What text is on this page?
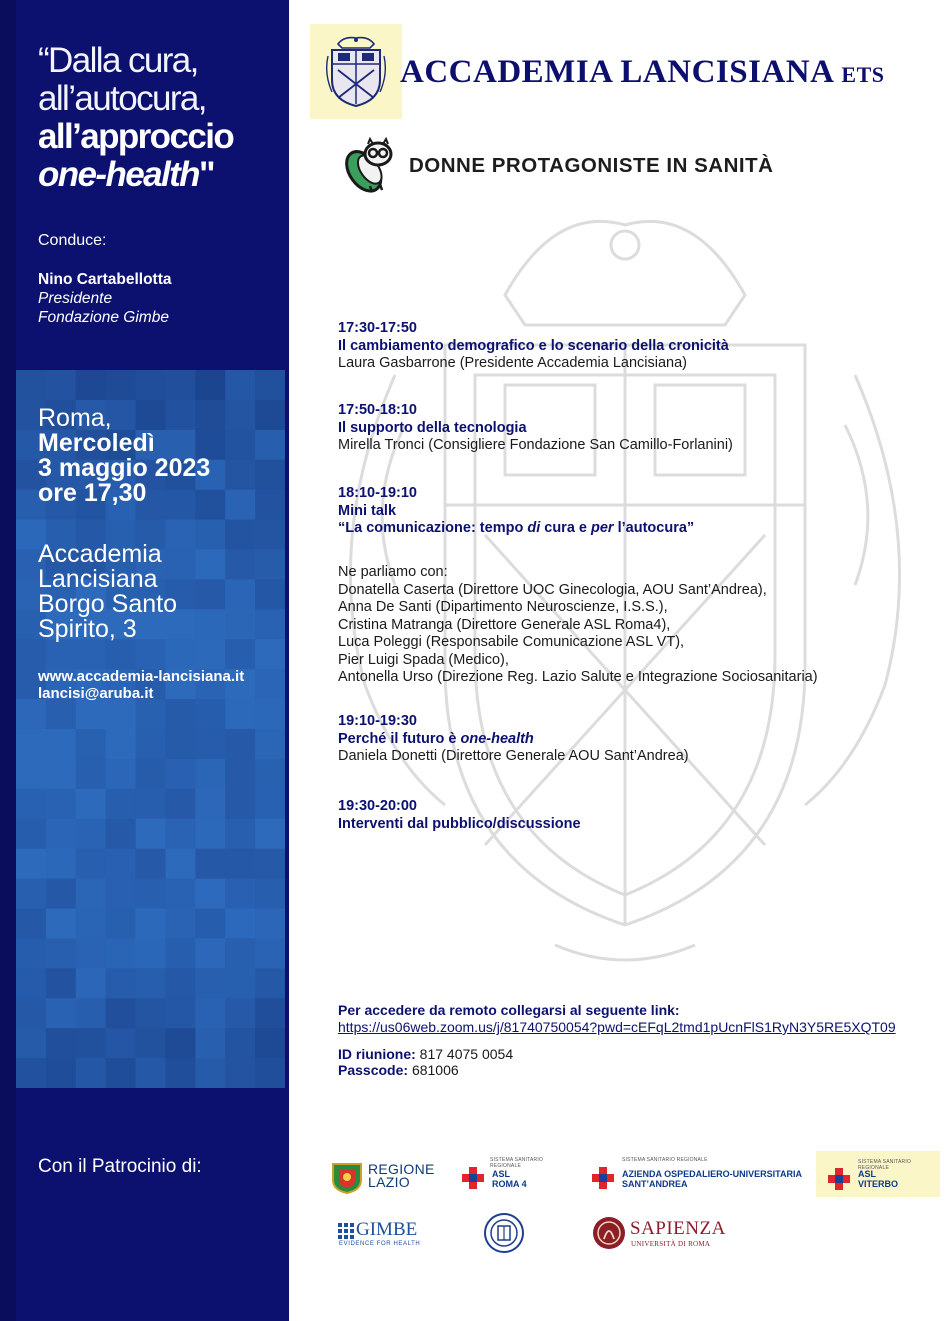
“Dalla cura,
all’autocura,
all’approccio
one-health"
Conduce:
Nino Cartabellotta
Presidente
Fondazione Gimbe
Roma,
Mercoledì
3 maggio 2023
ore 17,30
Accademia
Lancisiana
Borgo Santo
Spirito, 3
www.accademia-lancisiana.it
lancisi@aruba.it
Con il Patrocinio di:
ACCADEMIA LANCISIANA ETS
DONNE PROTAGONISTE IN SANITÀ
17:30-17:50
Il cambiamento demografico e lo scenario della cronicità
Laura Gasbarrone (Presidente Accademia Lancisiana)
17:50-18:10
Il supporto della tecnologia
Mirella Tronci (Consigliere Fondazione San Camillo-Forlanini)
18:10-19:10
Mini talk
“La comunicazione: tempo di cura e per l’autocura”
Ne parliamo con:
Donatella Caserta (Direttore UOC Ginecologia, AOU Sant’Andrea),
Anna De Santi (Dipartimento Neuroscienze, I.S.S.),
Cristina Matranga (Direttore Generale ASL Roma4),
Luca Poleggi (Responsabile Comunicazione ASL VT),
Pier Luigi Spada (Medico),
Antonella Urso (Direzione Reg. Lazio Salute e Integrazione Sociosanitaria)
19:10-19:30
Perché il futuro è one-health
Daniela Donetti (Direttore Generale AOU Sant’Andrea)
19:30-20:00
Interventi dal pubblico/discussione
Per accedere da remoto collegarsi al seguente link:
https://us06web.zoom.us/j/81740750054?pwd=cEFqL2tmd1pUcnFlS1RyN3Y5RE5XQT09
ID riunione: 817 4075 0054
Passcode: 681006
REGIONE
LAZIO
SISTEMA SANITARIO REGIONALE
ASL
ROMA 4
SISTEMA SANITARIO REGIONALE
AZIENDA OSPEDALIERO-UNIVERSITARIA
SANT’ANDREA
SISTEMA SANITARIO REGIONALE
ASL
VITERBO
GIMBE
EVIDENCE FOR HEALTH
SAPIENZA
UNIVERSITÀ DI ROMA
